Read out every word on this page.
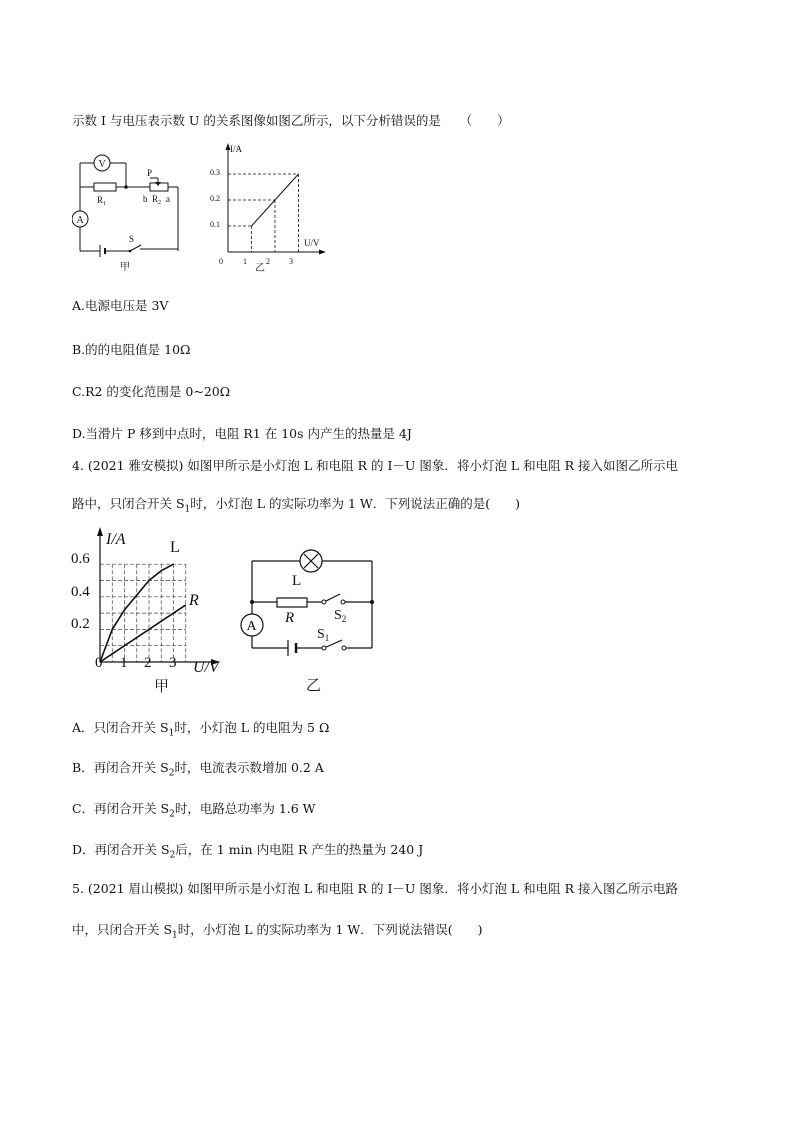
示数 I 与电压表示数 U 的关系图像如图乙所示，以下分析错误的是　　（　　）
V
P
$R_1$	b $R_2$ a
A
S
甲
I/A
U/V
0.3
0.2
0.1
0	1 2 3
乙
A.电源电压是 3V
B.的的电阻值是 10Ω
C.R2 的变化范围是 0~20Ω
D.当滑片 P 移到中点时，电阻 R1 在 10s 内产生的热量是 4J
4. (2021 雅安模拟) 如图甲所示是小灯泡 L 和电阻 R 的 I－U 图象．将小灯泡 L 和电阻 R 接入如图乙所示电
路中，只闭合开关 $S_1$时，小灯泡 L 的实际功率为 1 W．下列说法正确的是(　　)
I/A
U/V
0.6
0.4
0.2
0 1 2 3
L
R
甲
L
R	$S_2$
A
$S_1$
乙
A．只闭合开关 $S_1$时，小灯泡 L 的电阻为 5 Ω
B．再闭合开关 $S_2$时，电流表示数增加 0.2 A
C．再闭合开关 $S_2$时，电路总功率为 1.6 W
D．再闭合开关 $S_2$后，在 1 min 内电阻 R 产生的热量为 240 J
5. (2021 眉山模拟) 如图甲所示是小灯泡 L 和电阻 R 的 I－U 图象．将小灯泡 L 和电阻 R 接入图乙所示电路
中，只闭合开关 $S_1$时，小灯泡 L 的实际功率为 1 W．下列说法错误(　　)
